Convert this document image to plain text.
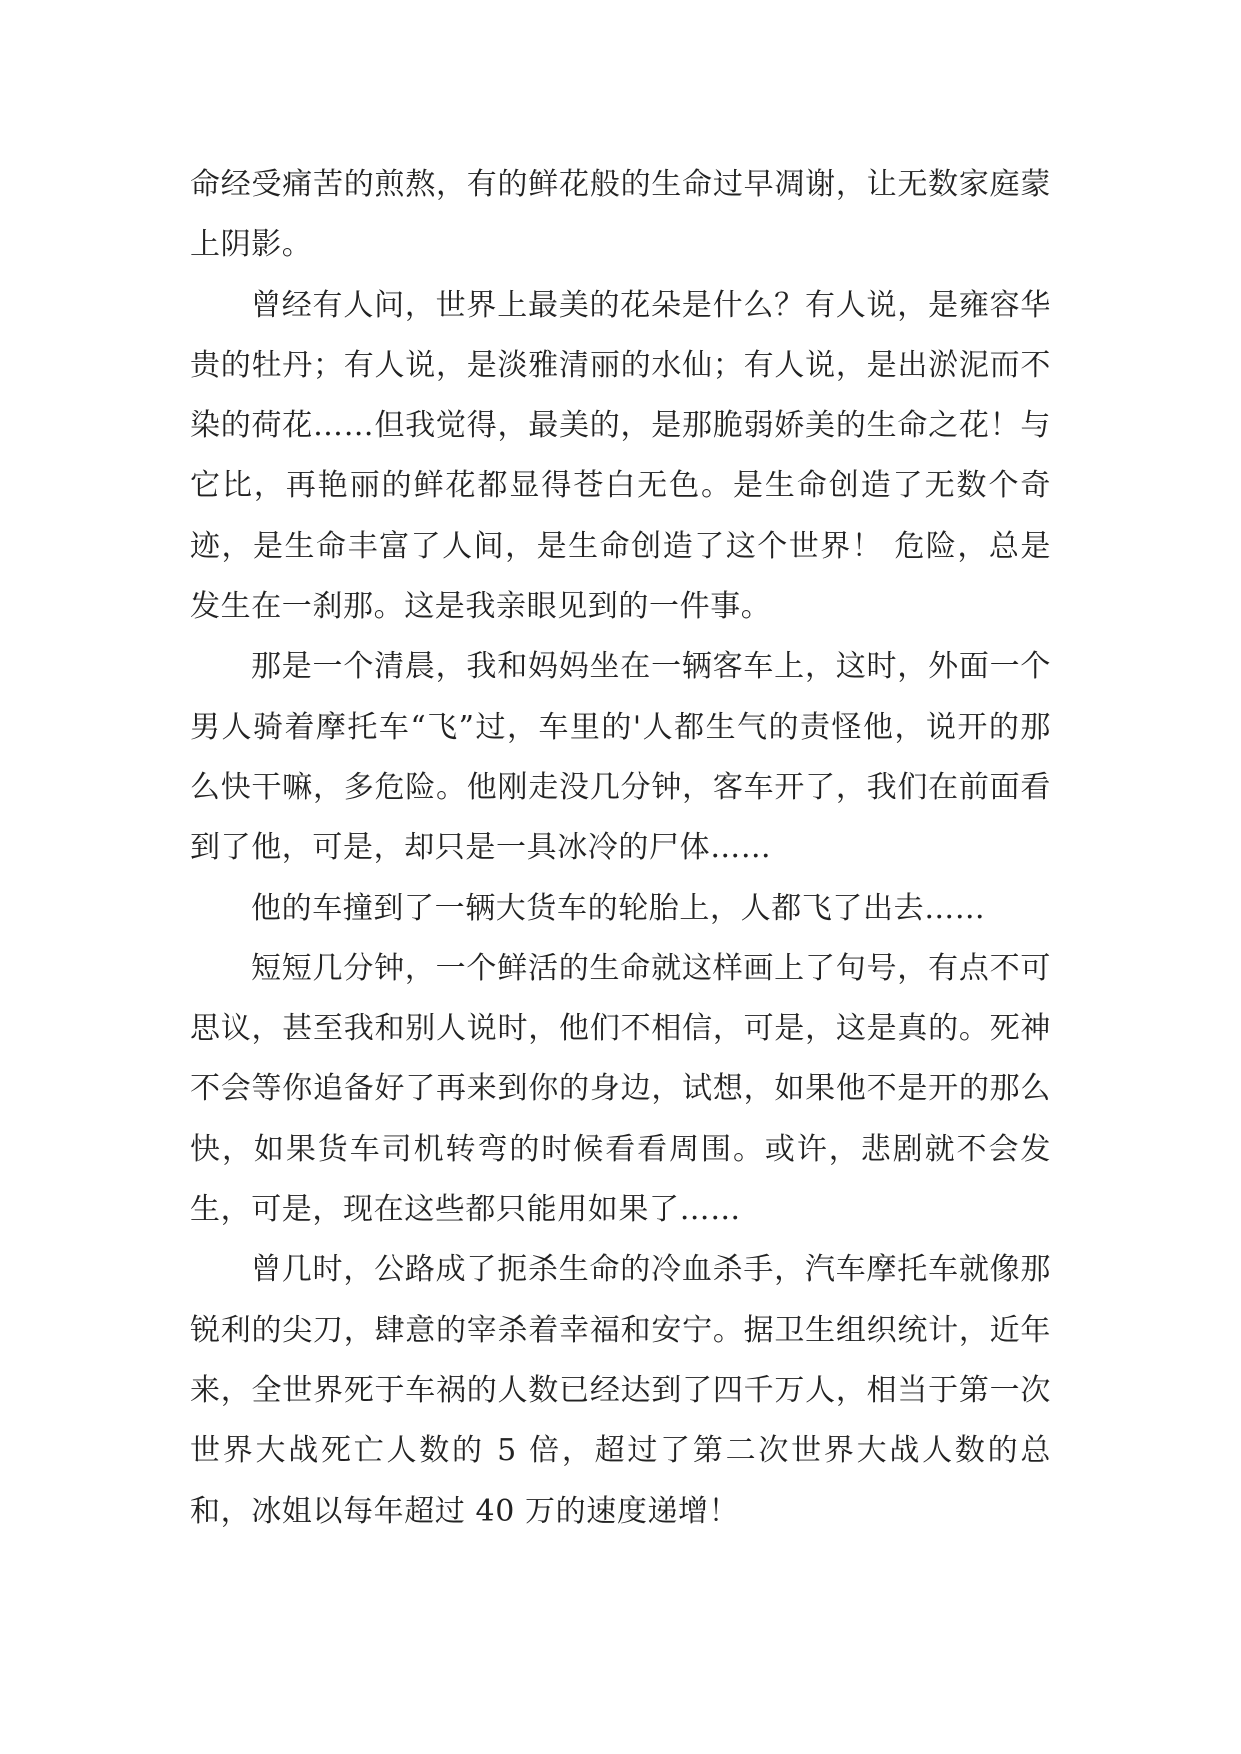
命经受痛苦的煎熬，有的鲜花般的生命过早凋谢，让无数家庭蒙上阴影。

曾经有人问，世界上最美的花朵是什么？有人说，是雍容华贵的牡丹；有人说，是淡雅清丽的水仙；有人说，是出淤泥而不染的荷花……但我觉得，最美的，是那脆弱娇美的生命之花！与它比，再艳丽的鲜花都显得苍白无色。是生命创造了无数个奇迹，是生命丰富了人间，是生命创造了这个世界！ 危险，总是发生在一刹那。这是我亲眼见到的一件事。

那是一个清晨，我和妈妈坐在一辆客车上，这时，外面一个男人骑着摩托车“飞”过，车里的'人都生气的责怪他，说开的那么快干嘛，多危险。他刚走没几分钟，客车开了，我们在前面看到了他，可是，却只是一具冰冷的尸体……

他的车撞到了一辆大货车的轮胎上，人都飞了出去……

短短几分钟，一个鲜活的生命就这样画上了句号，有点不可思议，甚至我和别人说时，他们不相信，可是，这是真的。死神不会等你追备好了再来到你的身边，试想，如果他不是开的那么快，如果货车司机转弯的时候看看周围。或许，悲剧就不会发生，可是，现在这些都只能用如果了……

曾几时，公路成了扼杀生命的冷血杀手，汽车摩托车就像那锐利的尖刀，肆意的宰杀着幸福和安宁。据卫生组织统计，近年来，全世界死于车祸的人数已经达到了四千万人，相当于第一次世界大战死亡人数的 5 倍，超过了第二次世界大战人数的总和，冰姐以每年超过 40 万的速度递增！
